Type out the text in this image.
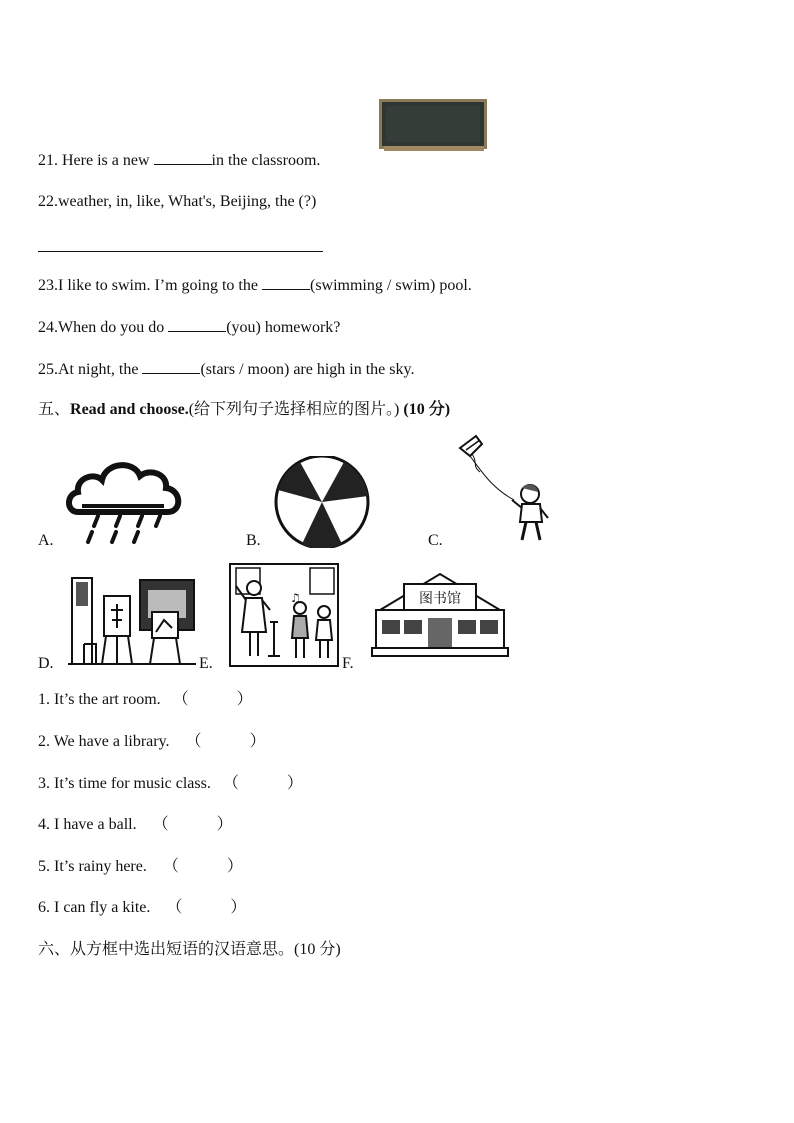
21. Here is a new	in the classroom.
22.weather, in, like, What's, Beijing, the (?)
23.I like to swim. I’m going to the	(swimming / swim) pool.
24.When do you do	(you) homework?
25.At night, the	(stars / moon) are high in the sky.
五、Read and choose.(给下列句子选择相应的图片。) (10 分)
A.	B.	C.
D.	E.
♫
F.
图书馆
1. It’s the art room. （	）
2. We have a library. （	）
3. It’s time for music class. （	）
4. I have a ball. （	）
5. It’s rainy here. （	）
6. I can fly a kite. （	）
六、从方框中选出短语的汉语意思。(10 分)
